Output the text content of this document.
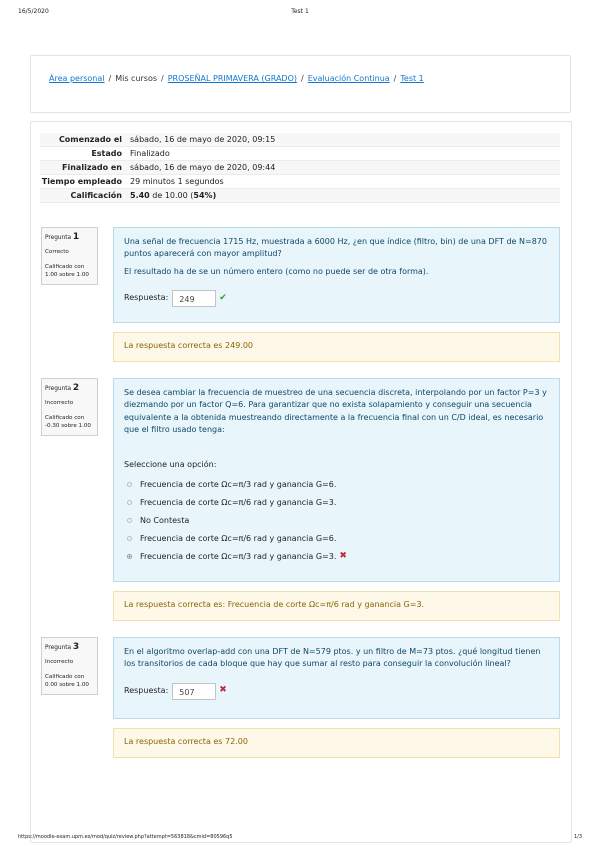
16/5/2020	Test 1
Área personal / Mis cursos / PROSEÑAL PRIMAVERA (GRADO) / Evaluación Continua / Test 1
Comenzado el	sábado, 16 de mayo de 2020, 09:15
Estado	Finalizado
Finalizado en	sábado, 16 de mayo de 2020, 09:44
Tiempo empleado	29 minutos 1 segundos
Calificación	5.40 de 10.00 (54%)
Pregunta 1
Correcto
Calificado con 1.00 sobre 1.00

Una señal de frecuencia 1715 Hz, muestrada a 6000 Hz, ¿en que índice (filtro, bin) de una DFT de N=870 puntos aparecerá con mayor amplitud?

El resultado ha de se un número entero (como no puede ser de otra forma).

Respuesta:	249	✔
La respuesta correcta es 249.00
Pregunta 2
Incorrecto
Calificado con -0.30 sobre 1.00

Se desea cambiar la frecuencia de muestreo de una secuencia discreta, interpolando por un factor P=3 y diezmando por un factor Q=6. Para garantizar que no exista solapamiento y conseguir una secuencia equivalente a la obtenida muestreando directamente a la frecuencia final con un C/D ideal, es necesario que el filtro usado tenga:

Seleccione una opción:

Frecuencia de corte Ωc=π/3 rad y ganancia G=6.
Frecuencia de corte Ωc=π/6 rad y ganancia G=3.
No Contesta
Frecuencia de corte Ωc=π/6 rad y ganancia G=6.
Frecuencia de corte Ωc=π/3 rad y ganancia G=3. ✖
La respuesta correcta es: Frecuencia de corte Ωc=π/6 rad y ganancia G=3.
Pregunta 3
Incorrecto
Calificado con 0.00 sobre 1.00

En el algoritmo overlap-add con una DFT de N=579 ptos. y un filtro de M=73 ptos. ¿qué longitud tienen los transitorios de cada bloque que hay que sumar al resto para conseguir la convolución lineal?

Respuesta:	507	✖
La respuesta correcta es 72.00
https://moodle-exam.upm.es/mod/quiz/review.php?attempt=563818&cmid=80596q5	1/3
